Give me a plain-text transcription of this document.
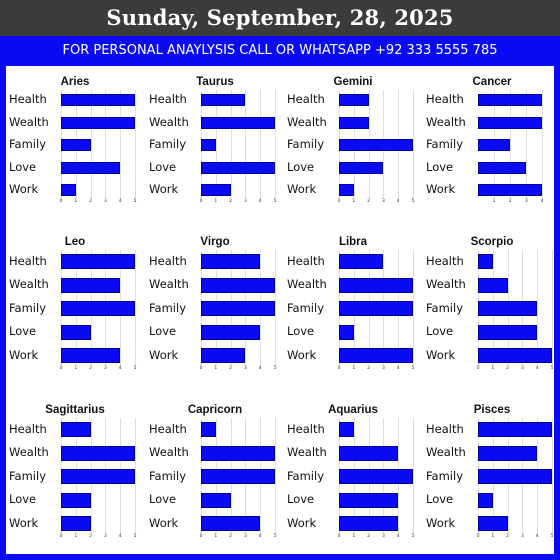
Sunday, September, 28, 2025
FOR PERSONAL ANAYLYSIS CALL OR WHATSAPP +92 333 5555 785
Aries
Health
Wealth
Family
Love
Work
0	1	2	3	4	5
Taurus
Health
Wealth
Family
Love
Work
0	1	2	3	4	5
Gemini
Health
Wealth
Family
Love
Work
0	1	2	3	4	5
Cancer
Health
Wealth
Family
Love
Work
1	2	3	4
Leo
Health
Wealth
Family
Love
Work
0	1	2	3	4	5
Virgo
Health
Wealth
Family
Love
Work
0	1	2	3	4	5
Libra
Health
Wealth
Family
Love
Work
0	1	2	3	4	5
Scorpio
Health
Wealth
Family
Love
Work
0	1	2	3	4	5
Sagittarius
Health
Wealth
Family
Love
Work
0	1	2	3	4	5
Capricorn
Health
Wealth
Family
Love
Work
0	1	2	3	4	5
Aquarius
Health
Wealth
Family
Love
Work
0	1	2	3	4	5
Pisces
Health
Wealth
Family
Love
Work
0	1	2	3	4	5
